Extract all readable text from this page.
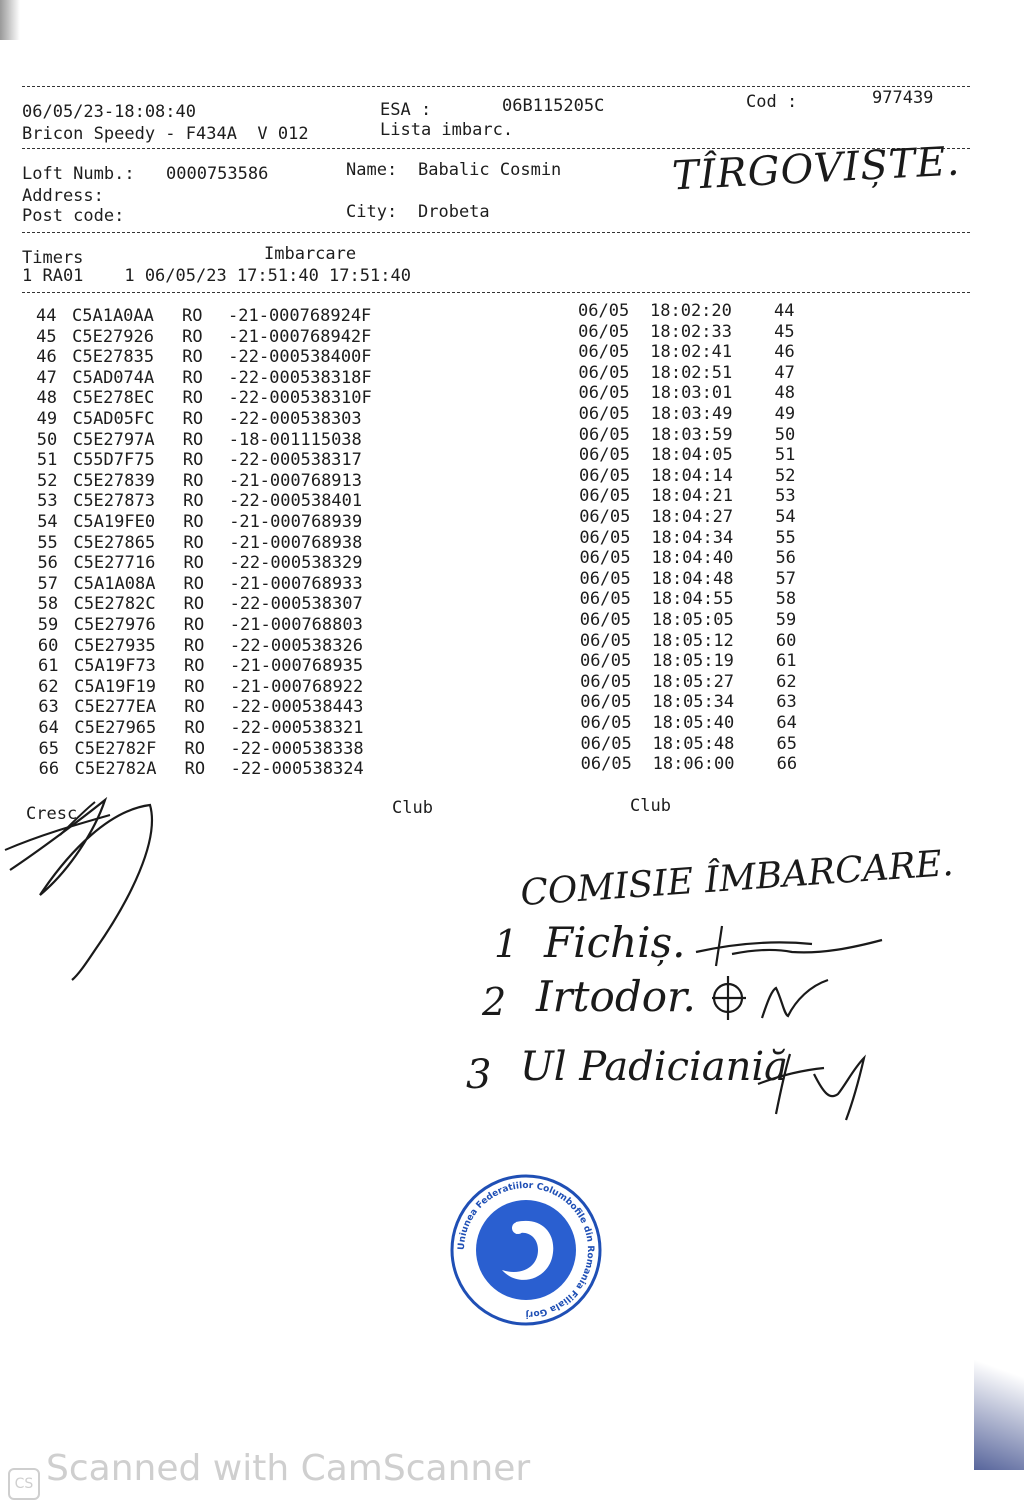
06/05/23-18:08:40	ESA :	06B115205C	Cod :	977439
Bricon Speedy - F434A  V 012	Lista imbarc.
Loft Numb.: 0000753586	Name: Babalic Cosmin	TÎRGOVIȘTE.
Address:
Post code:	City: Drobeta
Timers	Imbarcare
1 RA01    1 06/05/23 17:51:40 17:51:40
44 C5A1A0AA RO -21-000768924F	06/05 18:02:20 44
45 C5E27926 RO -21-000768942F	06/05 18:02:33 45
46 C5E27835 RO -22-000538400F	06/05 18:02:41 46
47 C5AD074A RO -22-000538318F	06/05 18:02:51 47
48 C5E278EC RO -22-000538310F	06/05 18:03:01 48
49 C5AD05FC RO -22-000538303	06/05 18:03:49 49
50 C5E2797A RO -18-001115038	06/05 18:03:59 50
51 C55D7F75 RO -22-000538317	06/05 18:04:05 51
52 C5E27839 RO -21-000768913	06/05 18:04:14 52
53 C5E27873 RO -22-000538401	06/05 18:04:21 53
54 C5A19FE0 RO -21-000768939	06/05 18:04:27 54
55 C5E27865 RO -21-000768938	06/05 18:04:34 55
56 C5E27716 RO -22-000538329	06/05 18:04:40 56
57 C5A1A08A RO -21-000768933	06/05 18:04:48 57
58 C5E2782C RO -22-000538307	06/05 18:04:55 58
59 C5E27976 RO -21-000768803	06/05 18:05:05 59
60 C5E27935 RO -22-000538326	06/05 18:05:12 60
61 C5A19F73 RO -21-000768935	06/05 18:05:19 61
62 C5A19F19 RO -21-000768922	06/05 18:05:27 62
63 C5E277EA RO -22-000538443	06/05 18:05:34 63
64 C5E27965 RO -22-000538321	06/05 18:05:40 64
65 C5E2782F RO -22-000538338	06/05 18:05:48 65
66 C5E2782A RO -22-000538324	06/05 18:06:00 66
Cresc	Club	Club
COMISIE ÎMBARCARE.
1 Fichiș.
2 Irtodor.
3 Ul Padicianiă
Uniunea Federatiilor Columbofile din Romania Filiala Gorj
CS Scanned with CamScanner
